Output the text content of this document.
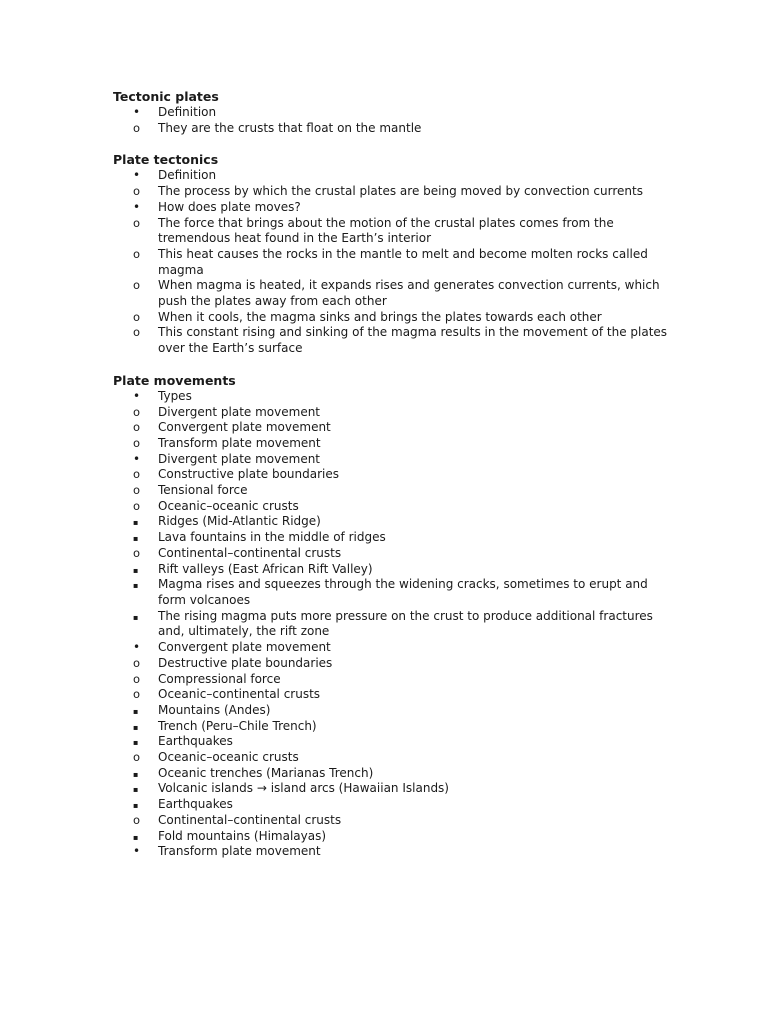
Tectonic plates
•	Definition
o	They are the crusts that float on the mantle
Plate tectonics
•	Definition
o	The process by which the crustal plates are being moved by convection currents
•	How does plate moves?
o	The force that brings about the motion of the crustal plates comes from the tremendous heat found in the Earth’s interior
o	This heat causes the rocks in the mantle to melt and become molten rocks called magma
o	When magma is heated, it expands rises and generates convection currents, which push the plates away from each other
o	When it cools, the magma sinks and brings the plates towards each other
o	This constant rising and sinking of the magma results in the movement of the plates over the Earth’s surface
Plate movements
•	Types
o	Divergent plate movement
o	Convergent plate movement
o	Transform plate movement
•	Divergent plate movement
o	Constructive plate boundaries
o	Tensional force
o	Oceanic–oceanic crusts
▪	Ridges (Mid-Atlantic Ridge)
▪	Lava fountains in the middle of ridges
o	Continental–continental crusts
▪	Rift valleys (East African Rift Valley)
▪	Magma rises and squeezes through the widening cracks, sometimes to erupt and form volcanoes
▪	The rising magma puts more pressure on the crust to produce additional fractures and, ultimately, the rift zone
•	Convergent plate movement
o	Destructive plate boundaries
o	Compressional force
o	Oceanic–continental crusts
▪	Mountains (Andes)
▪	Trench (Peru–Chile Trench)
▪	Earthquakes
o	Oceanic–oceanic crusts
▪	Oceanic trenches (Marianas Trench)
▪	Volcanic islands → island arcs (Hawaiian Islands)
▪	Earthquakes
o	Continental–continental crusts
▪	Fold mountains (Himalayas)
•	Transform plate movement
